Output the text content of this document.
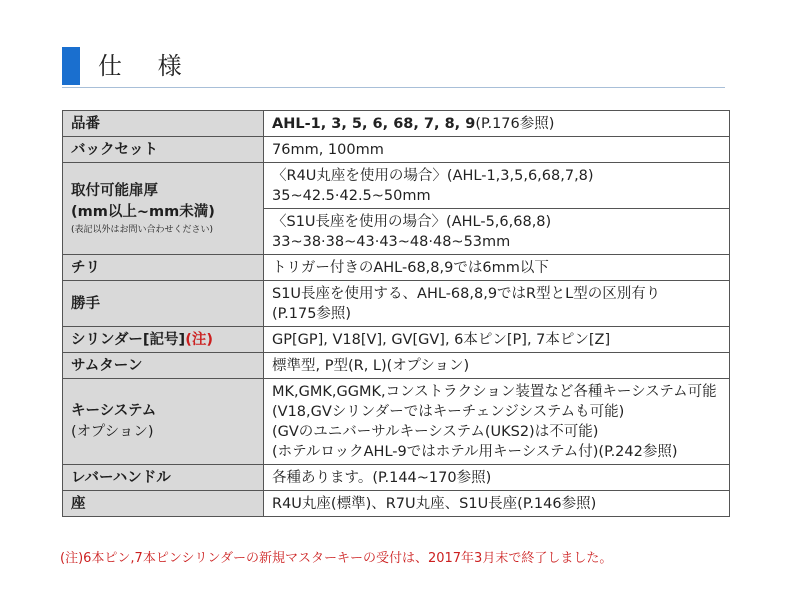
仕 様
品番	AHL-1, 3, 5, 6, 68, 7, 8, 9(P.176参照)
バックセット	76mm, 100mm

取付可能扉厚
(mm以上~mm未満)
(表記以外はお問い合わせください)	〈R4U丸座を使用の場合〉(AHL-1,3,5,6,68,7,8)
35~42.5·42.5~50mm

	〈S1U長座を使用の場合〉(AHL-5,6,68,8)
33~38·38~43·43~48·48~53mm

チリ	トリガー付きのAHL-68,8,9では6mm以下
勝手	S1U長座を使用する、AHL-68,8,9ではR型とL型の区別有り
(P.175参照)

シリンダー[記号](注)	GP[GP], V18[V], GV[GV], 6本ピン[P], 7本ピン[Z]
サムターン	標準型, P型(R, L)(オプション)

キーシステム
(オプション)	MK,GMK,GGMK,コンストラクション装置など各種キーシステム可能
(V18,GVシリンダーではキーチェンジシステムも可能)
(GVのユニバーサルキーシステム(UKS2)は不可能)
(ホテルロックAHL-9ではホテル用キーシステム付)(P.242参照)

レバーハンドル	各種あります。(P.144~170参照)
座	R4U丸座(標準)、R7U丸座、S1U長座(P.146参照)
(注)6本ピン,7本ピンシリンダーの新規マスターキーの受付は、2017年3月末で終了しました。
